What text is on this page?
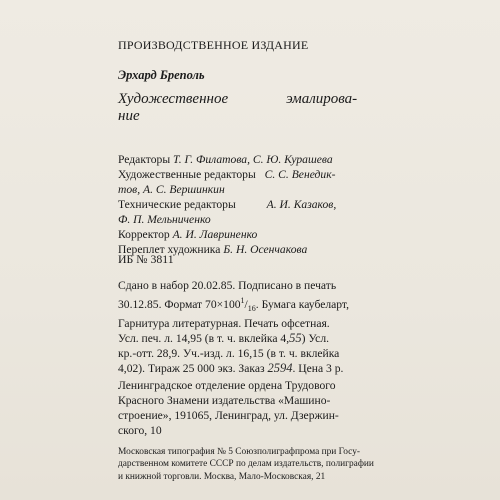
ПРОИЗВОДСТВЕННОЕ ИЗДАНИЕ
Эрхард Бреполь
Художественное	эмалирова-
ние
Редакторы Т. Г. Филатова, С. Ю. Курашева
Художественные редакторы С. С. Венедик-
тов, А. С. Вершинкин
Технические редакторы	А. И. Казаков,
Ф. П. Мельниченко
Корректор А. И. Лавриненко
Переплет художника Б. Н. Осенчакова
ИБ № 3811
Сдано в набор 20.02.85. Подписано в печать
30.12.85. Формат $70\times 100^1/_{16}$. Бумага каубеларт,
Гарнитура литературная. Печать офсетная.
Усл. печ. л. 14,95 (в т. ч. вклейка 4,55) Усл.
кр.-отт. 28,9. Уч.-изд. л. 16,15 (в т. ч. вклейка
4,02). Тираж 25 000 экз. Заказ 2594. Цена 3 р.
Ленинградское отделение ордена Трудового
Красного Знамени издательства «Машино-
строение», 191065, Ленинград, ул. Дзержин-
ского, 10
Московская типография № 5 Союзполиграфпрома при Госу-
дарственном комитете СССР по делам издательств, полиграфии
и книжной торговли. Москва, Мало-Московская, 21
